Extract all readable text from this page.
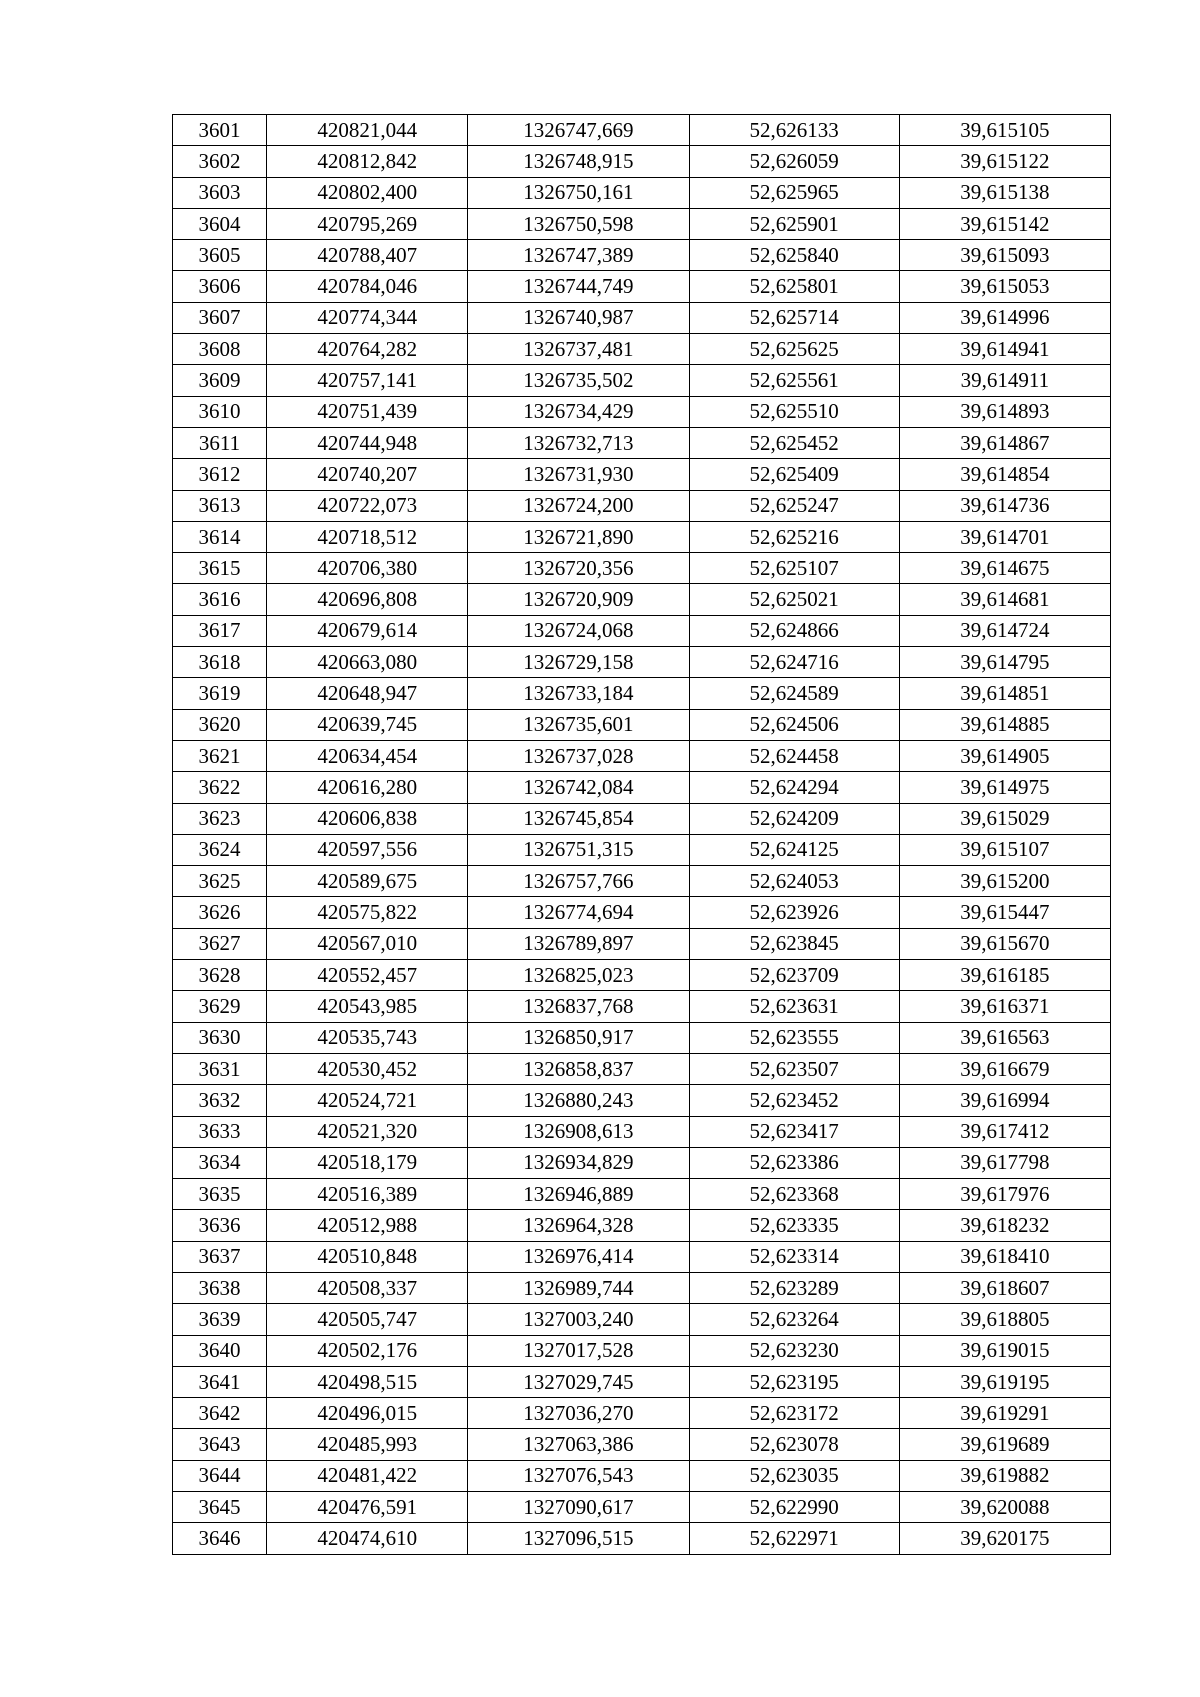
3601	420821,044	1326747,669	52,626133	39,615105
3602	420812,842	1326748,915	52,626059	39,615122
3603	420802,400	1326750,161	52,625965	39,615138
3604	420795,269	1326750,598	52,625901	39,615142
3605	420788,407	1326747,389	52,625840	39,615093
3606	420784,046	1326744,749	52,625801	39,615053
3607	420774,344	1326740,987	52,625714	39,614996
3608	420764,282	1326737,481	52,625625	39,614941
3609	420757,141	1326735,502	52,625561	39,614911
3610	420751,439	1326734,429	52,625510	39,614893
3611	420744,948	1326732,713	52,625452	39,614867
3612	420740,207	1326731,930	52,625409	39,614854
3613	420722,073	1326724,200	52,625247	39,614736
3614	420718,512	1326721,890	52,625216	39,614701
3615	420706,380	1326720,356	52,625107	39,614675
3616	420696,808	1326720,909	52,625021	39,614681
3617	420679,614	1326724,068	52,624866	39,614724
3618	420663,080	1326729,158	52,624716	39,614795
3619	420648,947	1326733,184	52,624589	39,614851
3620	420639,745	1326735,601	52,624506	39,614885
3621	420634,454	1326737,028	52,624458	39,614905
3622	420616,280	1326742,084	52,624294	39,614975
3623	420606,838	1326745,854	52,624209	39,615029
3624	420597,556	1326751,315	52,624125	39,615107
3625	420589,675	1326757,766	52,624053	39,615200
3626	420575,822	1326774,694	52,623926	39,615447
3627	420567,010	1326789,897	52,623845	39,615670
3628	420552,457	1326825,023	52,623709	39,616185
3629	420543,985	1326837,768	52,623631	39,616371
3630	420535,743	1326850,917	52,623555	39,616563
3631	420530,452	1326858,837	52,623507	39,616679
3632	420524,721	1326880,243	52,623452	39,616994
3633	420521,320	1326908,613	52,623417	39,617412
3634	420518,179	1326934,829	52,623386	39,617798
3635	420516,389	1326946,889	52,623368	39,617976
3636	420512,988	1326964,328	52,623335	39,618232
3637	420510,848	1326976,414	52,623314	39,618410
3638	420508,337	1326989,744	52,623289	39,618607
3639	420505,747	1327003,240	52,623264	39,618805
3640	420502,176	1327017,528	52,623230	39,619015
3641	420498,515	1327029,745	52,623195	39,619195
3642	420496,015	1327036,270	52,623172	39,619291
3643	420485,993	1327063,386	52,623078	39,619689
3644	420481,422	1327076,543	52,623035	39,619882
3645	420476,591	1327090,617	52,622990	39,620088
3646	420474,610	1327096,515	52,622971	39,620175
